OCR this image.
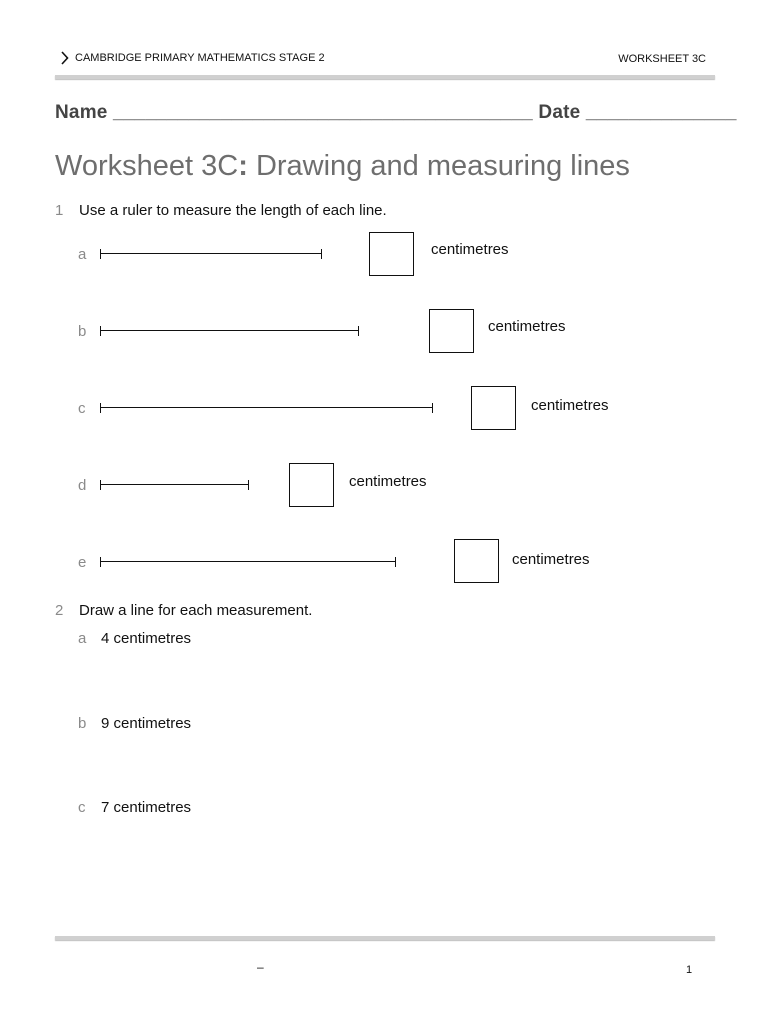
CAMBRIDGE PRIMARY MATHEMATICS STAGE 2	WORKSHEET 3C
Name _______________________________________ Date ______________
Worksheet 3C: Drawing and measuring lines
1 Use a ruler to measure the length of each line.
a	centimetres
b	centimetres
c	centimetres
d	centimetres
e	centimetres
2 Draw a line for each measurement.
a 4 centimetres
b 9 centimetres
c 7 centimetres
–	1
